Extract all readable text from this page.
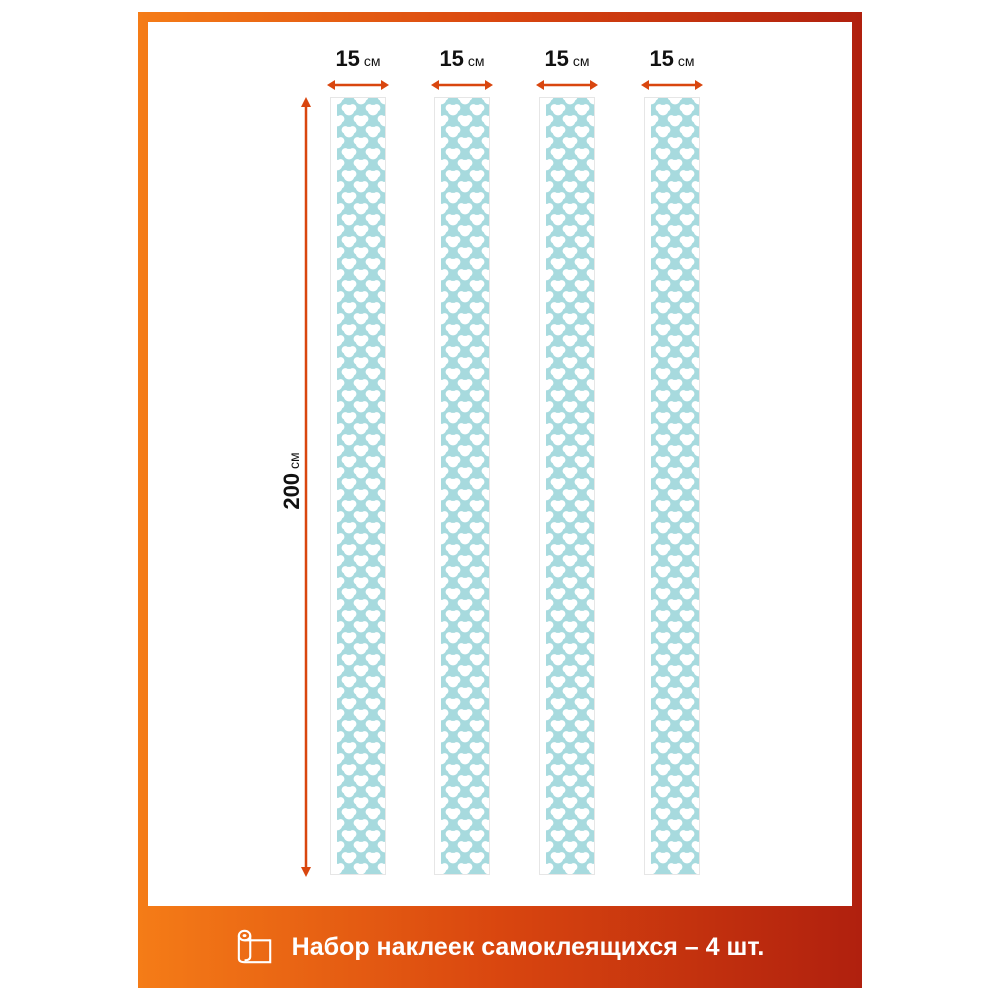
Набор наклеек самоклеящихся – 4 шт.
15 см	15 см	15 см	15 см
200см
